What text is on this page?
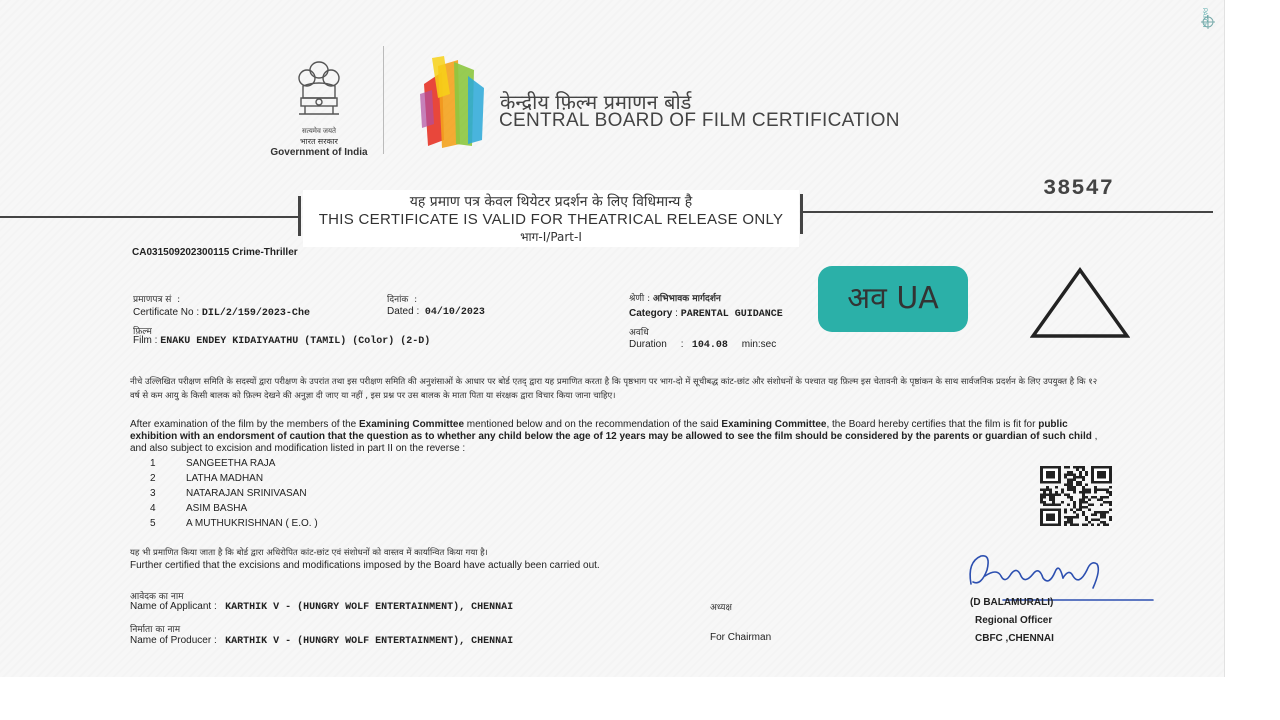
सत्यमेव जयते
भारत सरकार
Government of India
केन्द्रीय फ़िल्म प्रमाणन बोर्ड
CENTRAL BOARD OF FILM CERTIFICATION
38547
यह प्रमाण पत्र केवल थियेटर प्रदर्शन के लिए विधिमान्य है
THIS CERTIFICATE IS VALID FOR THEATRICAL RELEASE ONLY
भाग-I/Part-I
CA031509202300115 Crime-Thriller
प्रमाणपत्र सं :
Certificate No : DIL/2/159/2023-Che
दिनांक :
Dated : 04/10/2023
श्रेणी : अभिभावक मार्गदर्शन
Category : PARENTAL GUIDANCE
फ़िल्म
Film : ENAKU ENDEY KIDAIYAATHU (TAMIL) (Color) (2-D)
अवधि
Duration : 104.08 min:sec
अव UA
नीचे उल्लिखित परीक्षण समिति के सदस्यों द्वारा परीक्षण के उपरांत तथा इस परीक्षण समिति की अनुशंसाओं के आधार पर बोर्ड एतद् द्वारा यह प्रमाणित करता है कि पृष्ठभाग पर भाग-दो में सूचीबद्ध कांट-छांट और संशोधनों के पश्चात यह फ़िल्म इस चेतावनी के पृष्ठांकन के साथ सार्वजनिक प्रदर्शन के लिए उपयुक्त है कि १२ वर्ष से कम आयु के किसी बालक को फ़िल्म देखने की अनुज्ञा दी जाए या नहीं , इस प्रश्न पर उस बालक के माता पिता या संरक्षक द्वारा विचार किया जाना चाहिए।
After examination of the film by the members of the Examining Committee mentioned below and on the recommendation of the said Examining Committee, the Board hereby certifies that the film is fit for public exhibition with an endorsment of caution that the question as to whether any child below the age of 12 years may be allowed to see the film should be considered by the parents or guardian of such child , and also subject to excision and modification listed in part II on the reverse :
1	SANGEETHA RAJA
2	LATHA MADHAN
3	NATARAJAN SRINIVASAN
4	ASIM BASHA
5	A MUTHUKRISHNAN ( E.O. )
यह भी प्रमाणित किया जाता है कि बोर्ड द्वारा अधिरोपित कांट-छांट एवं संशोधनों को वास्तव में कार्यान्वित किया गया है।
Further certified that the excisions and modifications imposed by the Board have actually been carried out.
आवेदक का नाम
Name of Applicant : KARTHIK V - (HUNGRY WOLF ENTERTAINMENT), CHENNAI
निर्माता का नाम
Name of Producer : KARTHIK V - (HUNGRY WOLF ENTERTAINMENT), CHENNAI
अध्यक्ष
For Chairman
(D BALAMURALI)
Regional Officer
CBFC ,CHENNAI
PATCH
